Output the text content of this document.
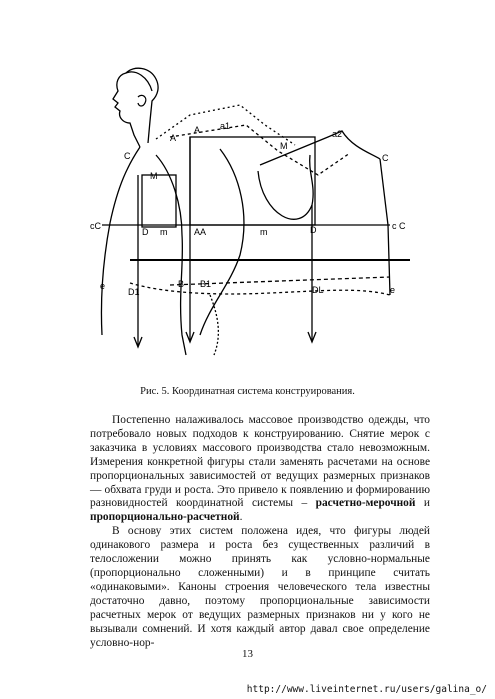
A a1
a2
M
A
C	C
M
cC	c C
D m	AA	m	D
D1
B B1
DL
e	e
Рис. 5. Координатная система конструирования.

Постепенно налаживалось массовое производство одежды, что потребовало новых подходов к конструированию. Снятие мерок с заказчика в условиях массового производства стало невозможным. Измерения конкретной фигуры стали заменять расчетами на основе пропорциональных зависимостей от ведущих размерных признаков — обхвата груди и роста. Это привело к появлению и формированию разновидностей координатной системы – расчетно-мерочной и пропорционально-расчетной.

В основу этих систем положена идея, что фигуры людей одинакового размера и роста без существенных различий в телосложении можно принять как условно-нормальные (пропорционально сложенными) и в принципе считать «одинаковыми». Каноны строения человеческого тела известны достаточно давно, поэтому пропорциональные зависимости расчетных мерок от ведущих размерных признаков ни у кого не вызывали сомнений. И хотя каждый автор давал свое определение условно-нор-

13
http://www.liveinternet.ru/users/galina_o/
